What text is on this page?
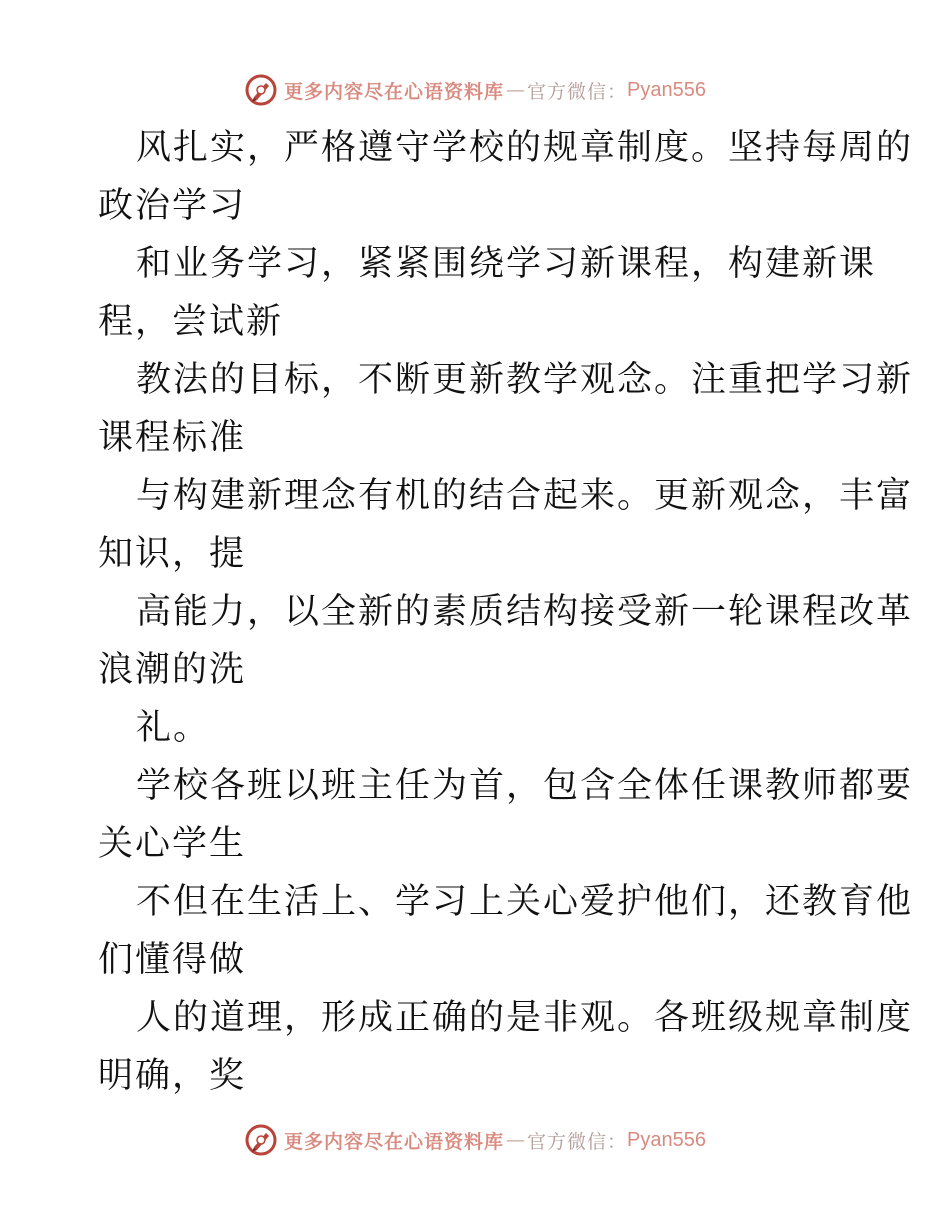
更多内容尽在心语资料库 — 官方微信： Pyan556
风扎实，严格遵守学校的规章制度。坚持每周的
政治学习
和业务学习，紧紧围绕学习新课程，构建新课
程，尝试新
教法的目标，不断更新教学观念。注重把学习新
课程标准
与构建新理念有机的结合起来。更新观念，丰富
知识，提
高能力，以全新的素质结构接受新一轮课程改革
浪潮的洗
礼。
学校各班以班主任为首，包含全体任课教师都要
关心学生
不但在生活上、学习上关心爱护他们，还教育他
们懂得做
人的道理，形成正确的是非观。各班级规章制度
明确，奖
更多内容尽在心语资料库 — 官方微信： Pyan556
